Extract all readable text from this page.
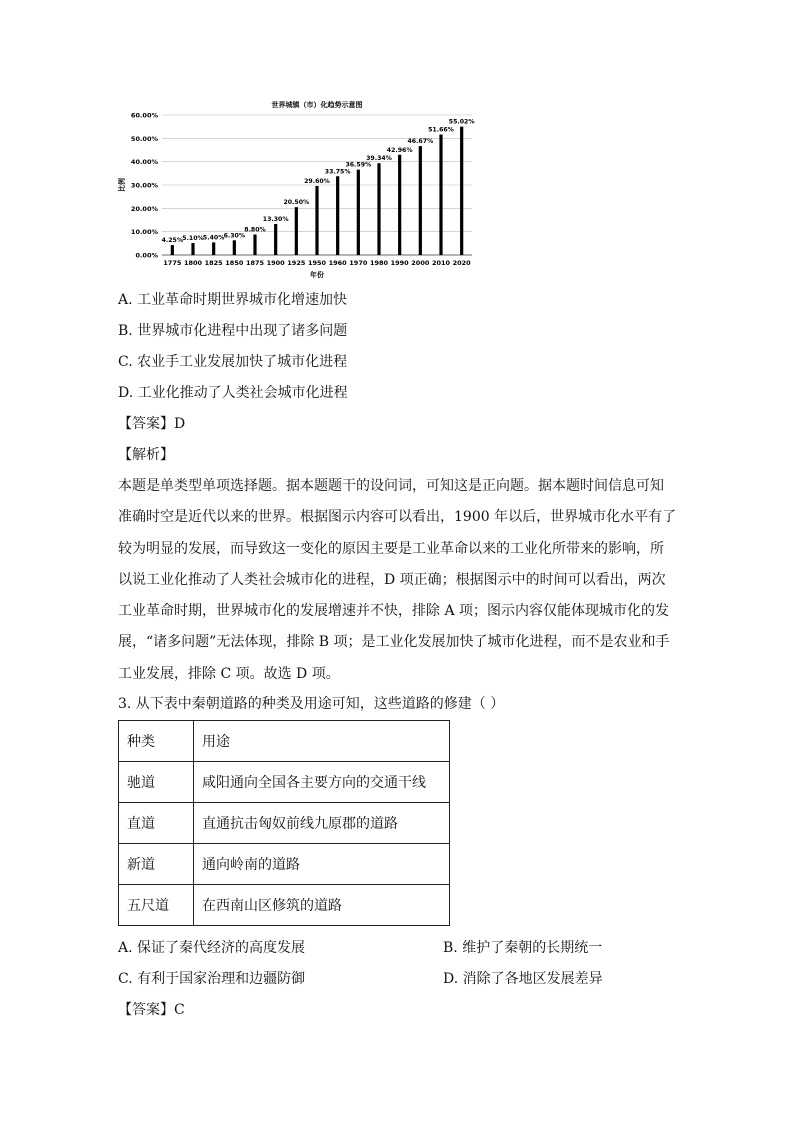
世界城镇（市）化趋势示意图
0.00%
10.00%
20.00%
30.00%
40.00%
50.00%
60.00%
比例
4.25%
1775
5.10%
1800
5.40%
1825
6.30%
1850
8.80%
1875
13.30%
1900
20.50%
1925
29.60%
1950
33.75%
1960
36.59%
1970
39.34%
1980
42.96%
1990
46.67%
2000
51.66%
2010
55.02%
2020
年份
A. 工业革命时期世界城市化增速加快
B. 世界城市化进程中出现了诸多问题
C. 农业手工业发展加快了城市化进程
D. 工业化推动了人类社会城市化进程
【答案】D
【解析】
本题是单类型单项选择题。据本题题干的设问词，可知这是正向题。据本题时间信息可知
准确时空是近代以来的世界。根据图示内容可以看出，1900 年以后，世界城市化水平有了
较为明显的发展，而导致这一变化的原因主要是工业革命以来的工业化所带来的影响，所
以说工业化推动了人类社会城市化的进程，D 项正确；根据图示中的时间可以看出，两次
工业革命时期，世界城市化的发展增速并不快，排除 A 项；图示内容仅能体现城市化的发
展，“诸多问题”无法体现，排除 B 项；是工业化发展加快了城市化进程，而不是农业和手
工业发展，排除 C 项。故选 D 项。
3. 从下表中秦朝道路的种类及用途可知，这些道路的修建（ ）
种类	用途
驰道	咸阳通向全国各主要方向的交通干线
直道	直通抗击匈奴前线九原郡的道路
新道	通向岭南的道路
五尺道	在西南山区修筑的道路
A. 保证了秦代经济的高度发展	B. 维护了秦朝的长期统一
C. 有利于国家治理和边疆防御	D. 消除了各地区发展差异
【答案】C
